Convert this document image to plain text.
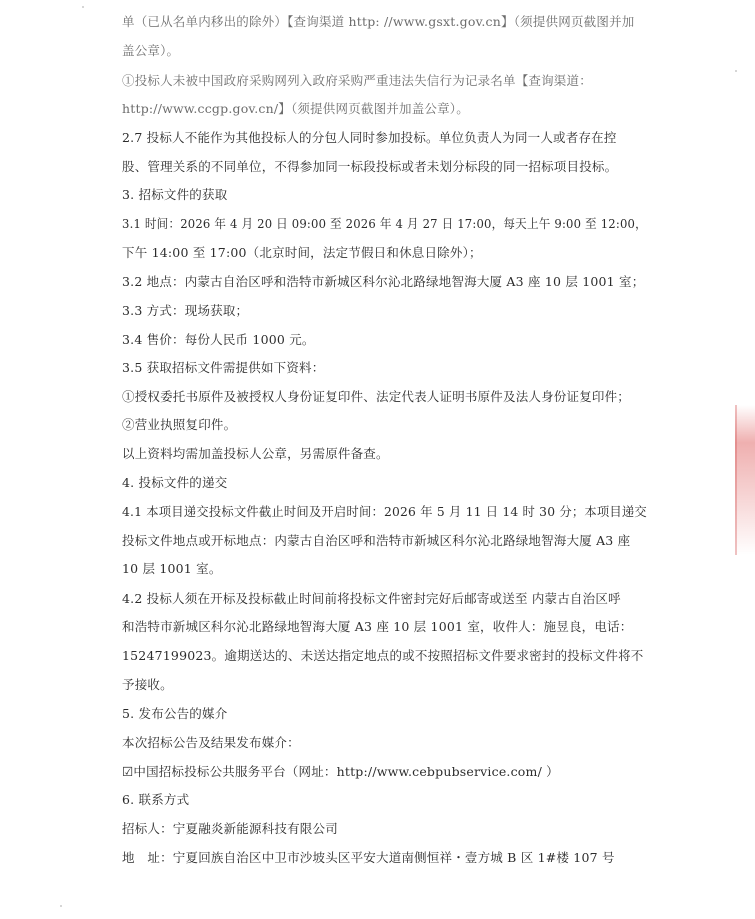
单（已从名单内移出的除外）【查询渠道 http: //www.gsxt.gov.cn】（须提供网页截图并加
盖公章）。
①投标人未被中国政府采购网列入政府采购严重违法失信行为记录名单【查询渠道：
http://www.ccgp.gov.cn/】（须提供网页截图并加盖公章）。
2.7 投标人不能作为其他投标人的分包人同时参加投标。单位负责人为同一人或者存在控
股、管理关系的不同单位，不得参加同一标段投标或者未划分标段的同一招标项目投标。
3. 招标文件的获取
3.1 时间：2026 年 4 月 20 日 09:00 至 2026 年 4 月 27 日 17:00，每天上午 9:00 至 12:00，
下午 14:00 至 17:00（北京时间，法定节假日和休息日除外）；
3.2 地点：内蒙古自治区呼和浩特市新城区科尔沁北路绿地智海大厦 A3 座 10 层 1001 室；
3.3 方式：现场获取；
3.4 售价：每份人民币 1000 元。
3.5 获取招标文件需提供如下资料：
①授权委托书原件及被授权人身份证复印件、法定代表人证明书原件及法人身份证复印件；
②营业执照复印件。
以上资料均需加盖投标人公章，另需原件备查。
4. 投标文件的递交
4.1 本项目递交投标文件截止时间及开启时间：2026 年 5 月 11 日 14 时 30 分；本项目递交
投标文件地点或开标地点：内蒙古自治区呼和浩特市新城区科尔沁北路绿地智海大厦 A3 座
10 层 1001 室。
4.2 投标人须在开标及投标截止时间前将投标文件密封完好后邮寄或送至 内蒙古自治区呼
和浩特市新城区科尔沁北路绿地智海大厦 A3 座 10 层 1001 室，收件人：施昱良，电话：
15247199023。逾期送达的、未送达指定地点的或不按照招标文件要求密封的投标文件将不
予接收。
5. 发布公告的媒介
本次招标公告及结果发布媒介：
☑中国招标投标公共服务平台（网址：http://www.cebpubservice.com/ ）
6. 联系方式
招标人：宁夏融炎新能源科技有限公司
地　址：宁夏回族自治区中卫市沙坡头区平安大道南侧恒祥・壹方城 B 区 1#楼 107 号
